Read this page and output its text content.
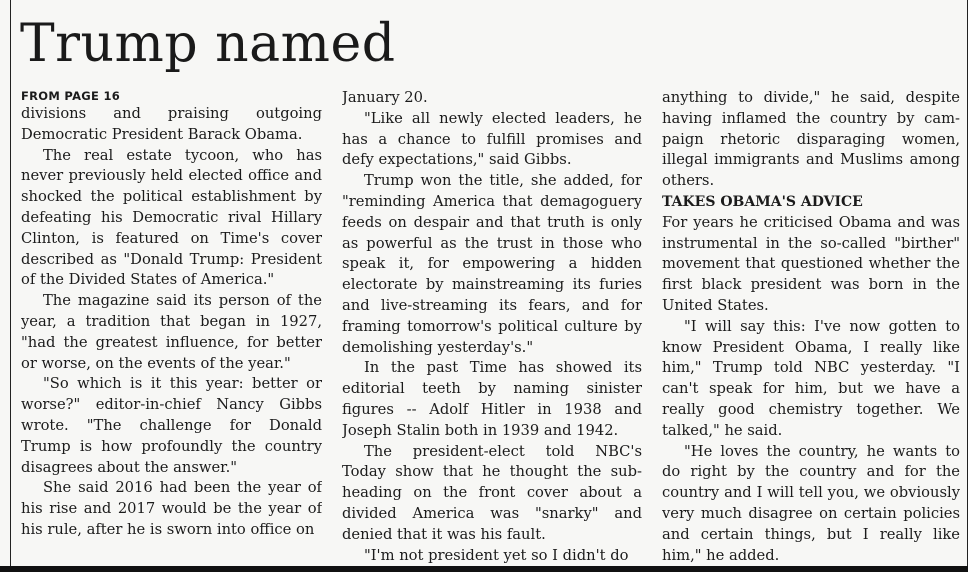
Trump named
FROM PAGE 16

divisions and praising outgoing Democratic President Barack Obama.

The real estate tycoon, who has never previously held elected office and shocked the political establishment by defeating his Democratic rival Hillary Clinton, is featured on Time's cover described as "Donald Trump: President of the Divided States of America."

The magazine said its person of the year, a tradition that began in 1927, "had the greatest influence, for better or worse, on the events of the year."

"So which is it this year: better or worse?" editor-in-chief Nancy Gibbs wrote. "The challenge for Donald Trump is how profoundly the country disagrees about the answer."

She said 2016 had been the year of his rise and 2017 would be the year of his rule, after he is sworn into office on

January 20.

"Like all newly elected leaders, he has a chance to fulfill promises and defy expectations," said Gibbs.

Trump won the title, she added, for "reminding America that demagoguery feeds on despair and that truth is only as powerful as the trust in those who speak it, for empowering a hidden electorate by mainstreaming its furies and live-streaming its fears, and for framing tomorrow's political culture by demolishing yesterday's."

In the past Time has showed its editorial teeth by naming sinister figures -- Adolf Hitler in 1938 and Joseph Stalin both in 1939 and 1942.

The president-elect told NBC's Today show that he thought the subheading on the front cover about a divided America was "snarky" and denied that it was his fault.

"I'm not president yet so I didn't do

anything to divide," he said, despite having inflamed the country by campaign rhetoric disparaging women, illegal immigrants and Muslims among others.

TAKES OBAMA'S ADVICE

For years he criticised Obama and was instrumental in the so-called "birther" movement that questioned whether the first black president was born in the United States.

"I will say this: I've now gotten to know President Obama, I really like him," Trump told NBC yesterday. "I can't speak for him, but we have a really good chemistry together. We talked," he said.

"He loves the country, he wants to do right by the country and for the country and I will tell you, we obviously very much disagree on certain policies and certain things, but I really like him," he added.
